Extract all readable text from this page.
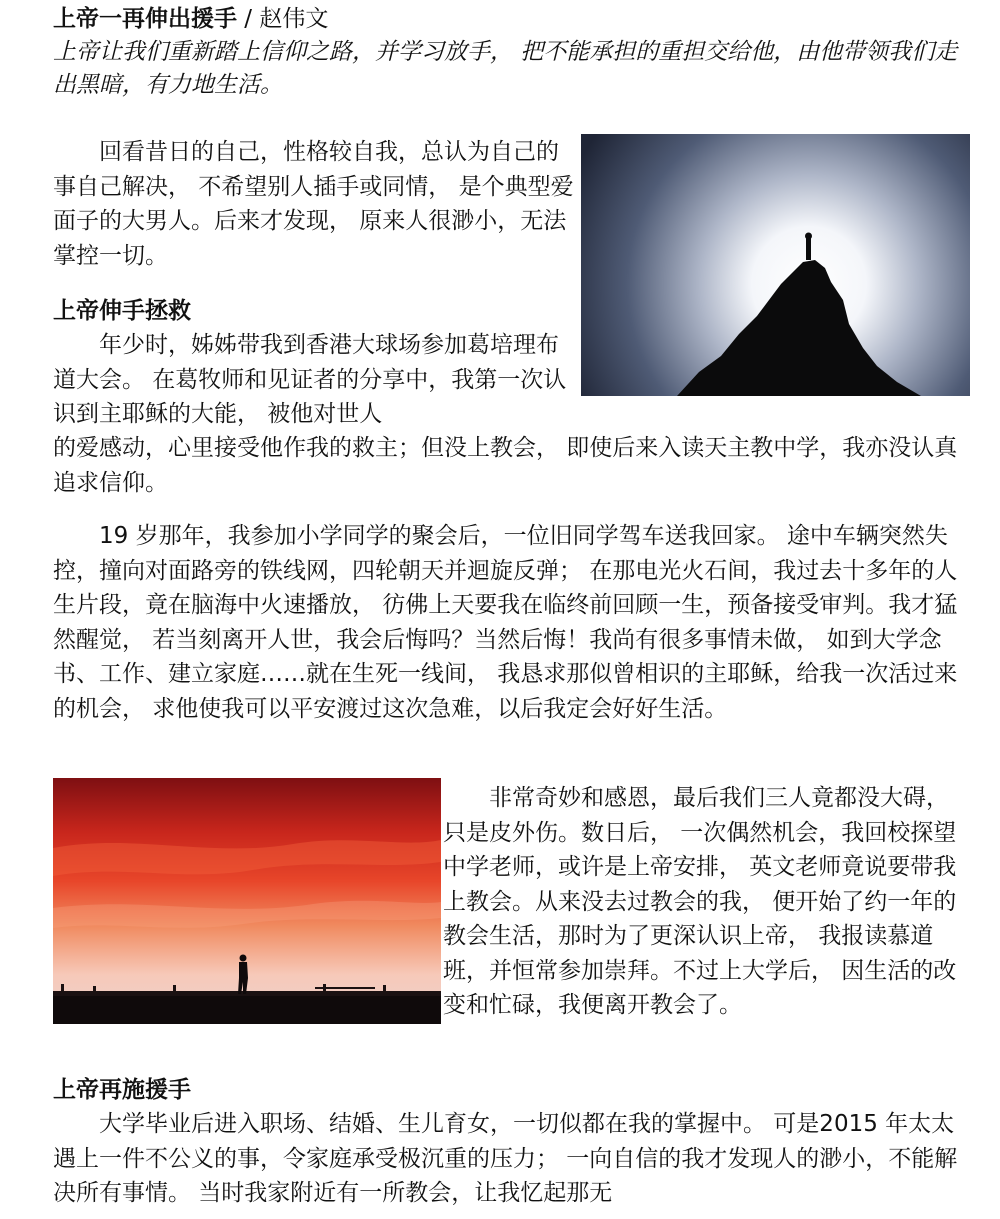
上帝一再伸出援手 / 赵伟文
上帝让我们重新踏上信仰之路，并学习放手， 把不能承担的重担交给他，由他带领我们走出黑暗，有力地生活。

回看昔日的自己，性格较自我，总认为自己的事自己解决， 不希望别人插手或同情， 是个典型爱面子的大男人。后来才发现， 原来人很渺小，无法掌控一切。

上帝伸手拯救

年少时，姊姊带我到香港大球场参加葛培理布道大会。 在葛牧师和见证者的分享中，我第一次认识到主耶稣的大能， 被他对世人

的爱感动，心里接受他作我的救主；但没上教会， 即使后来入读天主教中学，我亦没认真追求信仰。

19 岁那年，我参加小学同学的聚会后，一位旧同学驾车送我回家。 途中车辆突然失控，撞向对面路旁的铁线网，四轮朝天并迴旋反弹； 在那电光火石间，我过去十多年的人生片段，竟在脑海中火速播放， 彷佛上天要我在临终前回顾一生，预备接受审判。我才猛然醒觉， 若当刻离开人世，我会后悔吗？当然后悔！我尚有很多事情未做， 如到大学念书、工作、建立家庭……就在生死一线间， 我恳求那似曾相识的主耶稣，给我一次活过来的机会， 求他使我可以平安渡过这次急难，以后我定会好好生活。

非常奇妙和感恩，最后我们三人竟都没大碍，只是皮外伤。数日后， 一次偶然机会，我回校探望中学老师，或许是上帝安排， 英文老师竟说要带我上教会。从来没去过教会的我， 便开始了约一年的教会生活，那时为了更深认识上帝， 我报读慕道班，并恒常参加崇拜。不过上大学后， 因生活的改变和忙碌，我便离开教会了。

上帝再施援手

大学毕业后进入职场、结婚、生儿育女，一切似都在我的掌握中。 可是2015 年太太遇上一件不公义的事，令家庭承受极沉重的压力； 一向自信的我才发现人的渺小，不能解决所有事情。 当时我家附近有一所教会，让我忆起那无
